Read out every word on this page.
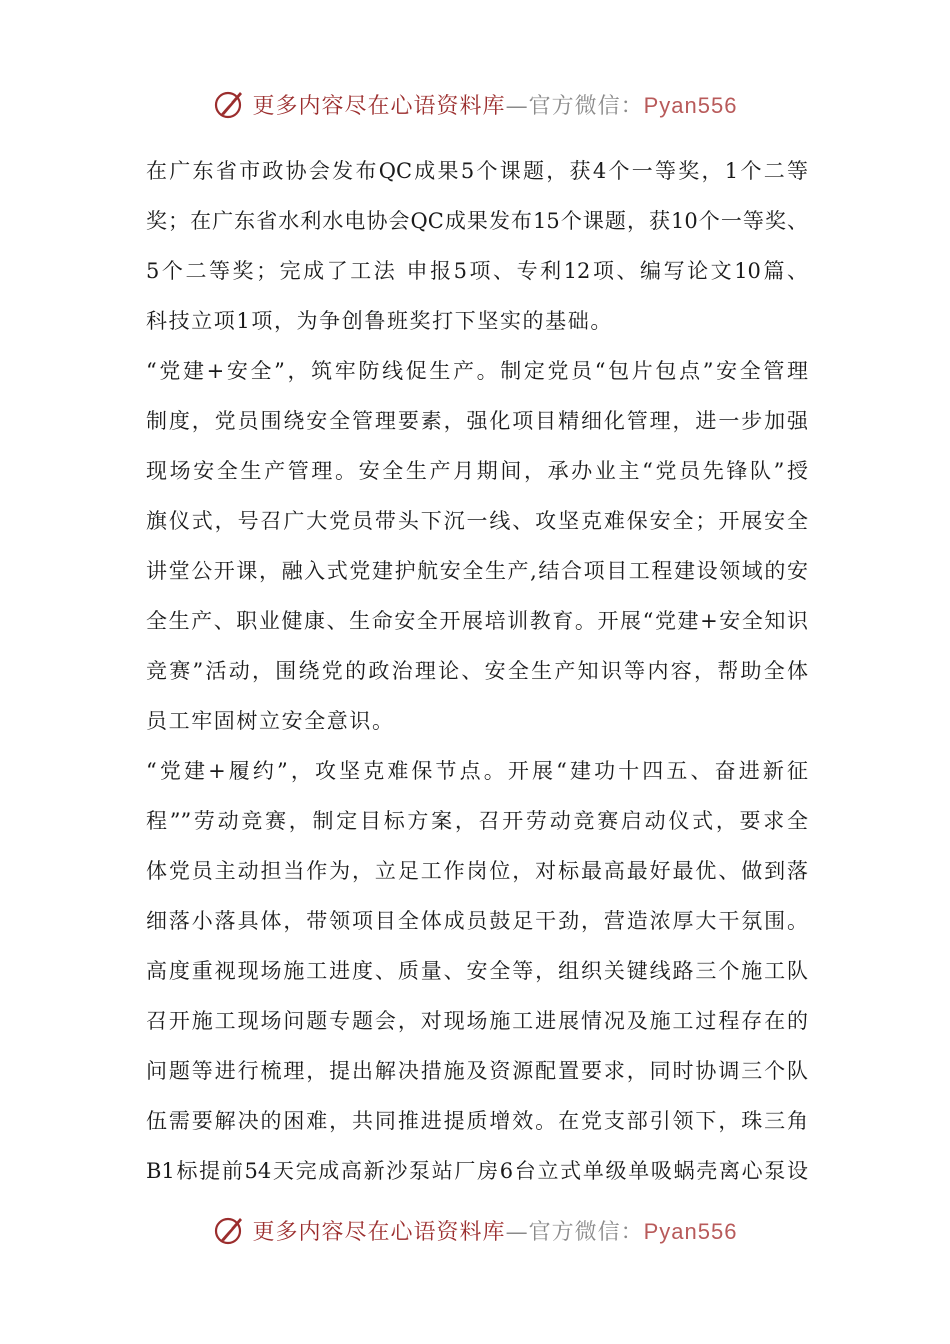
更多内容尽在心语资料库—官方微信：Pyan556
在广东省市政协会发布QC成果5个课题，获4个一等奖，1个二等
奖；在广东省水利水电协会QC成果发布15个课题，获10个一等奖、
5个二等奖；完成了工法 申报5项、专利12项、编写论文10篇、
科技立项1项，为争创鲁班奖打下坚实的基础。
“党建+安全”，筑牢防线促生产。制定党员“包片包点”安全管理
制度，党员围绕安全管理要素，强化项目精细化管理，进一步加强
现场安全生产管理。安全生产月期间，承办业主“党员先锋队”授
旗仪式，号召广大党员带头下沉一线、攻坚克难保安全；开展安全
讲堂公开课，融入式党建护航安全生产,结合项目工程建设领域的安
全生产、职业健康、生命安全开展培训教育。开展“党建+安全知识
竞赛”活动，围绕党的政治理论、安全生产知识等内容，帮助全体
员工牢固树立安全意识。
“党建+履约”，攻坚克难保节点。开展“建功十四五、奋进新征
程””劳动竞赛，制定目标方案，召开劳动竞赛启动仪式，要求全
体党员主动担当作为，立足工作岗位，对标最高最好最优、做到落
细落小落具体，带领项目全体成员鼓足干劲，营造浓厚大干氛围。
高度重视现场施工进度、质量、安全等，组织关键线路三个施工队
召开施工现场问题专题会，对现场施工进展情况及施工过程存在的
问题等进行梳理，提出解决措施及资源配置要求，同时协调三个队
伍需要解决的困难，共同推进提质增效。在党支部引领下，珠三角
B1标提前54天完成高新沙泵站厂房6台立式单级单吸蜗壳离心泵设
更多内容尽在心语资料库—官方微信：Pyan556
